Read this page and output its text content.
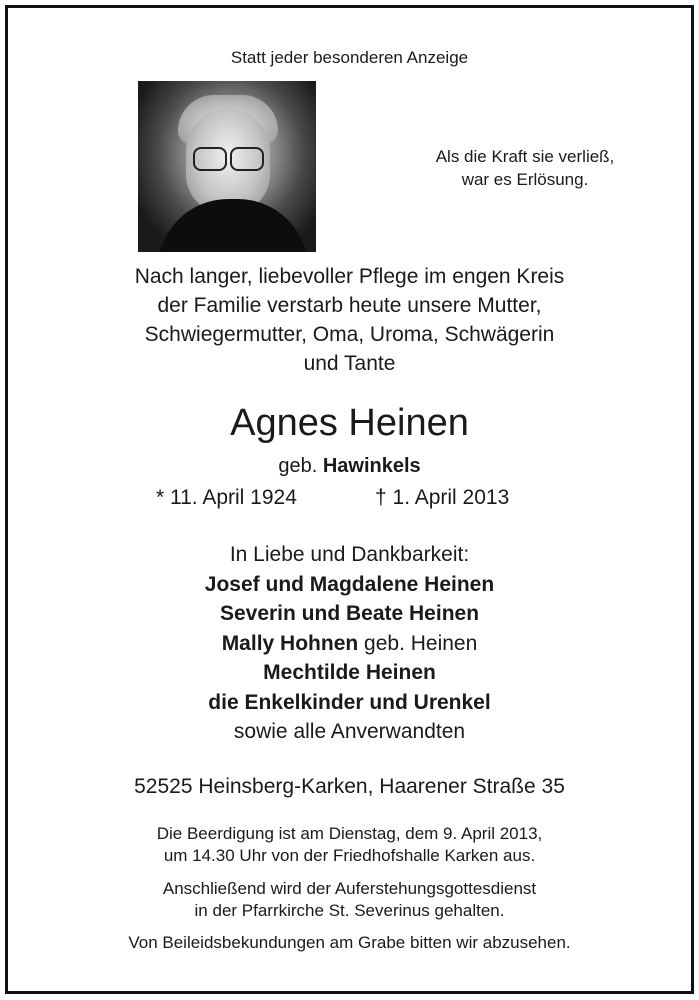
Statt jeder besonderen Anzeige
Als die Kraft sie verließ,
war es Erlösung.
Nach langer, liebevoller Pflege im engen Kreis
der Familie verstarb heute unsere Mutter,
Schwiegermutter, Oma, Uroma, Schwägerin
und Tante
Agnes Heinen
geb. Hawinkels
* 11. April 1924	† 1. April 2013
In Liebe und Dankbarkeit:
Josef und Magdalene Heinen
Severin und Beate Heinen
Mally Hohnen geb. Heinen
Mechtilde Heinen
die Enkelkinder und Urenkel
sowie alle Anverwandten
52525 Heinsberg-Karken, Haarener Straße 35
Die Beerdigung ist am Dienstag, dem 9. April 2013,
um 14.30 Uhr von der Friedhofshalle Karken aus.
Anschließend wird der Auferstehungsgottesdienst
in der Pfarrkirche St. Severinus gehalten.
Von Beileidsbekundungen am Grabe bitten wir abzusehen.
